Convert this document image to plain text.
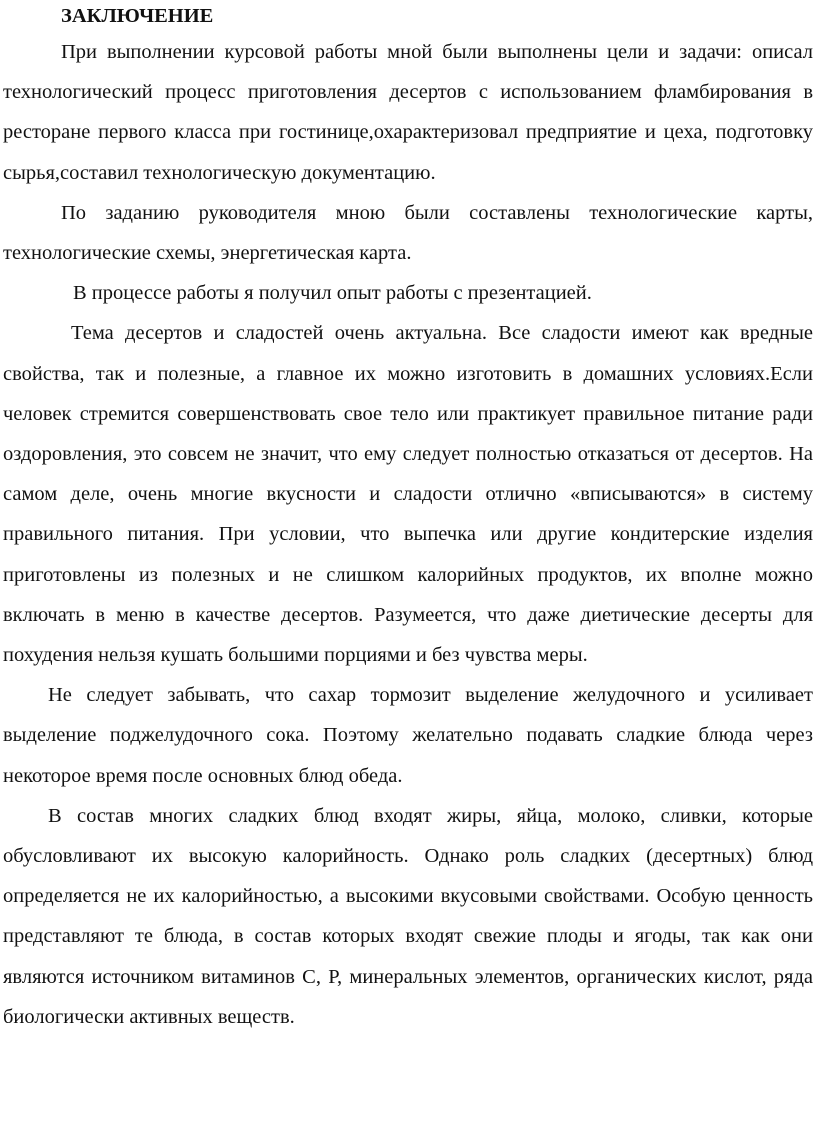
ЗАКЛЮЧЕНИЕ

При выполнении курсовой работы мной были выполнены цели и задачи: описал технологический процесс приготовления десертов с использованием фламбирования в ресторане первого класса при гостинице,охарактеризовал предприятие и цеха, подготовку сырья,составил технологическую документацию.

По заданию руководителя мною были составлены технологические карты, технологические схемы, энергетическая карта.

В процессе работы я получил опыт работы с презентацией.

Тема десертов и сладостей очень актуальна. Все сладости имеют как вредные свойства, так и полезные, а главное их можно изготовить в домашних условиях.Если человек стремится совершенствовать свое тело или практикует правильное питание ради оздоровления, это совсем не значит, что ему следует полностью отказаться от десертов. На самом деле, очень многие вкусности и сладости отлично «вписываются» в систему правильного питания. При условии, что выпечка или другие кондитерские изделия приготовлены из полезных и не слишком калорийных продуктов, их вполне можно включать в меню в качестве десертов. Разумеется, что даже диетические десерты для похудения нельзя кушать большими порциями и без чувства меры.

Не следует забывать, что сахар тормозит выделение желудочного и усиливает выделение поджелудочного сока. Поэтому желательно подавать сладкие блюда через некоторое время после основных блюд обеда.

В состав многих сладких блюд входят жиры, яйца, молоко, сливки, которые обусловливают их высокую калорийность. Однако роль сладких (десертных) блюд определяется не их калорийностью, а высокими вкусовыми свойствами. Особую ценность представляют те блюда, в состав которых входят свежие плоды и ягоды, так как они являются источником витаминов С, Р, минеральных элементов, органических кислот, ряда биологически активных веществ.
